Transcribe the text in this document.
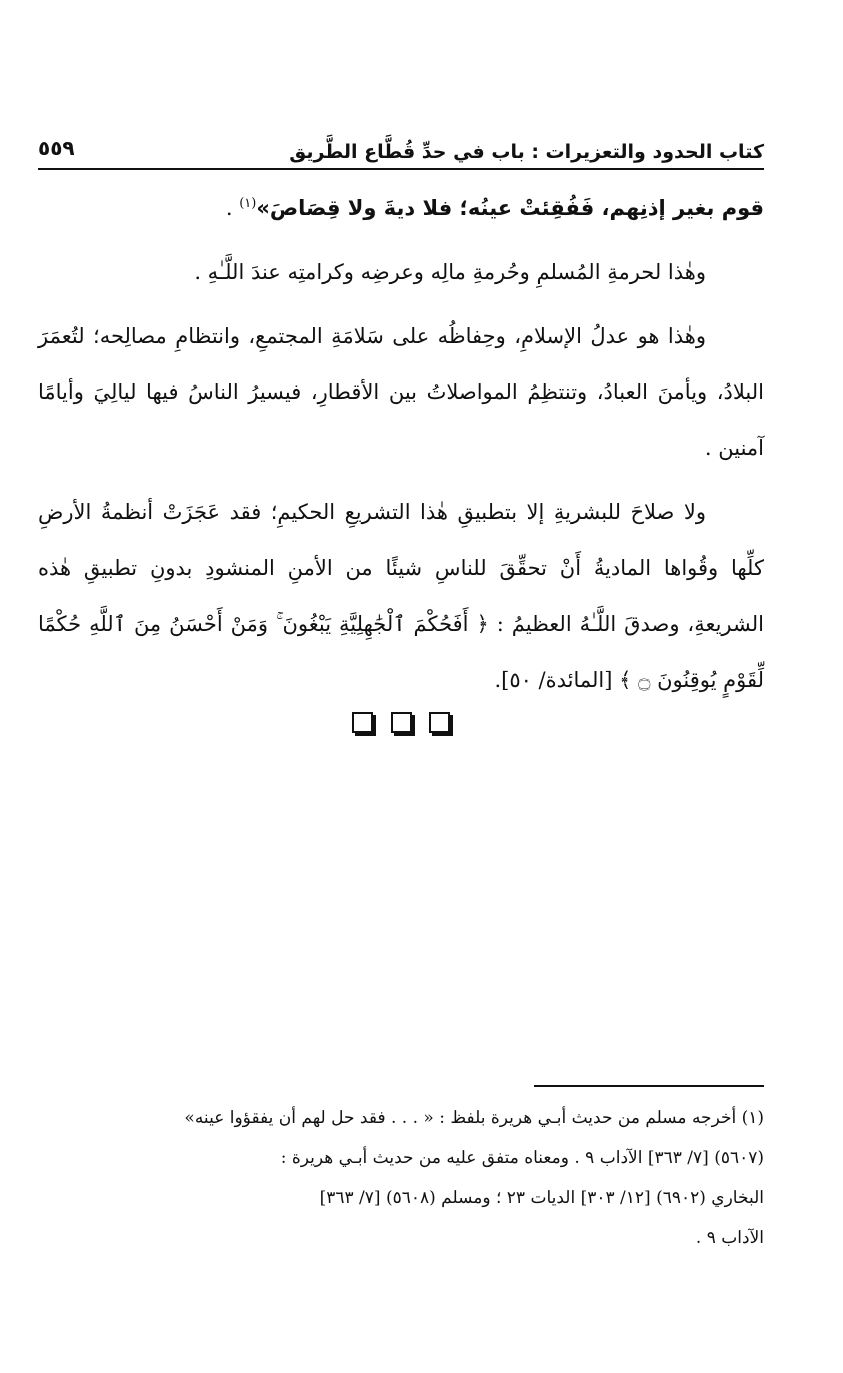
كتاب الحدود والتعزيرات : باب في حدِّ قُطَّاع الطَّريق
٥٥٩

قوم بغير إذنِهم، فَفُقِئتْ عينُه؛ فلا ديةَ ولا قِصَاصَ»$^{(١)}$ .

وهٰذا لحرمةِ المُسلمِ وحُرمةِ مالِه وعرضِه وكرامتِه عندَ اللَّـٰهِ .

وهٰذا هو عدلُ الإسلامِ، وحِفاظُه على سَلامَةِ المجتمعِ، وانتظامِ مصالِحه؛ لتُعمَرَ البلادُ، ويأمنَ العبادُ، وتنتظِمُ المواصلاتُ بين الأقطارِ، فيسيرُ الناسُ فيها ليالِيَ وأيامًا آمنين .

ولا صلاحَ للبشريةِ إلا بتطبيقِ هٰذا التشريعِ الحكيمِ؛ فقد عَجَزَتْ أنظمةُ الأرضِ كلِّها وقُواها الماديةُ أَنْ تحقِّقَ للناسِ شيئًا من الأمنِ المنشودِ بدونِ تطبيقِ هٰذه الشريعةِ، وصدقَ اللَّـٰهُ العظيمُ : ﴿ أَفَحُكْمَ ٱلْجَٰهِلِيَّةِ يَبْغُونَ ۚ وَمَنْ أَحْسَنُ مِنَ ٱللَّهِ حُكْمًا لِّقَوْمٍ يُوقِنُونَ ۝ ﴾ [المائدة/ ٥٠].

(١) أخرجه مسلم من حديث أبـي هريرة بلفظ : « . . . فقد حل لهم أن يفقؤوا عينه»

(٥٦٠٧) [٧/ ٣٦٣] الآداب ٩ . ومعناه متفق عليه من حديث أبـي هريرة :

البخاري (٦٩٠٢) [١٢/ ٣٠٣] الديات ٢٣ ؛ ومسلم (٥٦٠٨) [٧/ ٣٦٣]

الآداب ٩ .
